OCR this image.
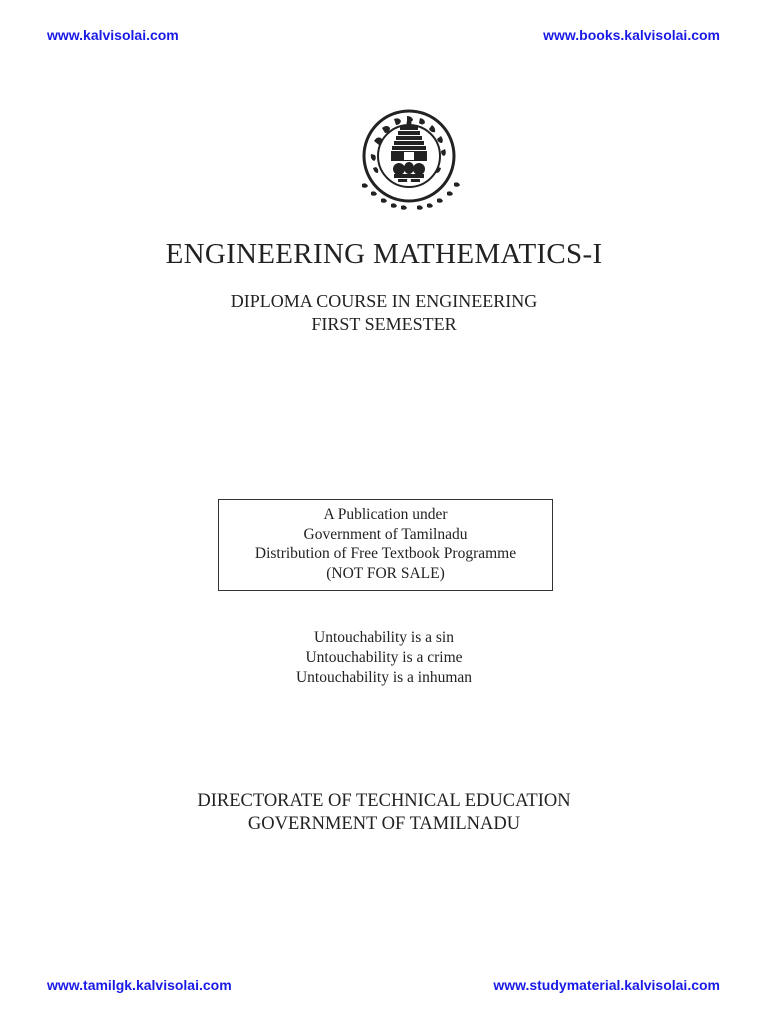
www.kalvisolai.com	www.books.kalvisolai.com
ENGINEERING MATHEMATICS-I
DIPLOMA COURSE IN ENGINEERING
FIRST SEMESTER
A Publication under
Government of Tamilnadu
Distribution of Free Textbook Programme
(NOT FOR SALE)
Untouchability is a sin
Untouchability is a crime
Untouchability is a inhuman
DIRECTORATE OF TECHNICAL EDUCATION
GOVERNMENT OF TAMILNADU
www.tamilgk.kalvisolai.com	www.studymaterial.kalvisolai.com
